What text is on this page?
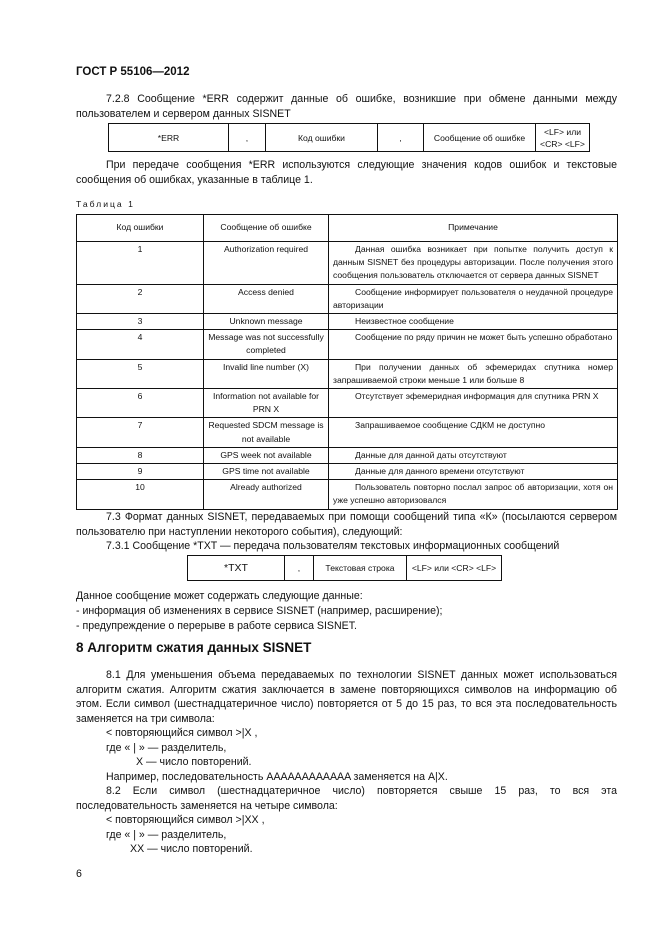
ГОСТ Р 55106—2012
7.2.8 Сообщение *ERR содержит данные об ошибке, возникшие при обмене данными между пользователем и сервером данных SISNET
*ERR	,	Код ошибки	,	Сообщение об ошибке	<LF> или <CR> <LF>
При передаче сообщения *ERR используются следующие значения кодов ошибок и текстовые сообщения об ошибках, указанные в таблице 1.
Таблица 1
Код ошибки	Сообщение об ошибке	Примечание
1	Authorization required	Данная ошибка возникает при попытке получить доступ к данным SISNET без процедуры авторизации. После получения этого сообщения пользователь отключается от сервера данных SISNET
2	Access denied	Сообщение информирует пользователя о неудачной процедуре авторизации
3	Unknown message	Неизвестное сообщение
4	Message was not successfully completed	Сообщение по ряду причин не может быть успешно обработано
5	Invalid line number (X)	При получении данных об эфемеридах спутника номер запрашиваемой строки меньше 1 или больше 8
6	Information not available for PRN X	Отсутствует эфемеридная информация для спутника PRN X
7	Requested SDCM message is not available	Запрашиваемое сообщение СДКМ не доступно
8	GPS week not available	Данные для данной даты отсутствуют
9	GPS time not available	Данные для данного времени отсутствуют
10	Already authorized	Пользователь повторно послал запрос об авторизации, хотя он уже успешно авторизовался
7.3 Формат данных SISNET, передаваемых при помощи сообщений типа «К» (посылаются сервером пользователю при наступлении некоторого события), следующий:
7.3.1 Сообщение *TXT — передача пользователям текстовых информационных сообщений
*TXT	,	Текстовая строка	<LF> или <CR> <LF>
Данное сообщение может содержать следующие данные:
- информация об изменениях в сервисе SISNET (например, расширение);
- предупреждение о перерыве в работе сервиса SISNET.
8 Алгоритм сжатия данных SISNET
8.1 Для уменьшения объема передаваемых по технологии SISNET данных может использоваться алгоритм сжатия. Алгоритм сжатия заключается в замене повторяющихся символов на информацию об этом. Если символ (шестнадцатеричное число) повторяется от 5 до 15 раз, то вся эта последовательность заменяется на три символа:
< повторяющийся символ >|X ,
где « | » — разделитель,
X — число повторений.
Например, последовательность AAAAAAAAAAAA заменяется на A|X.
8.2 Если символ (шестнадцатеричное число) повторяется свыше 15 раз, то вся эта последовательность заменяется на четыре символа:
< повторяющийся символ >|XX ,
где « | » — разделитель,
XX — число повторений.
6
